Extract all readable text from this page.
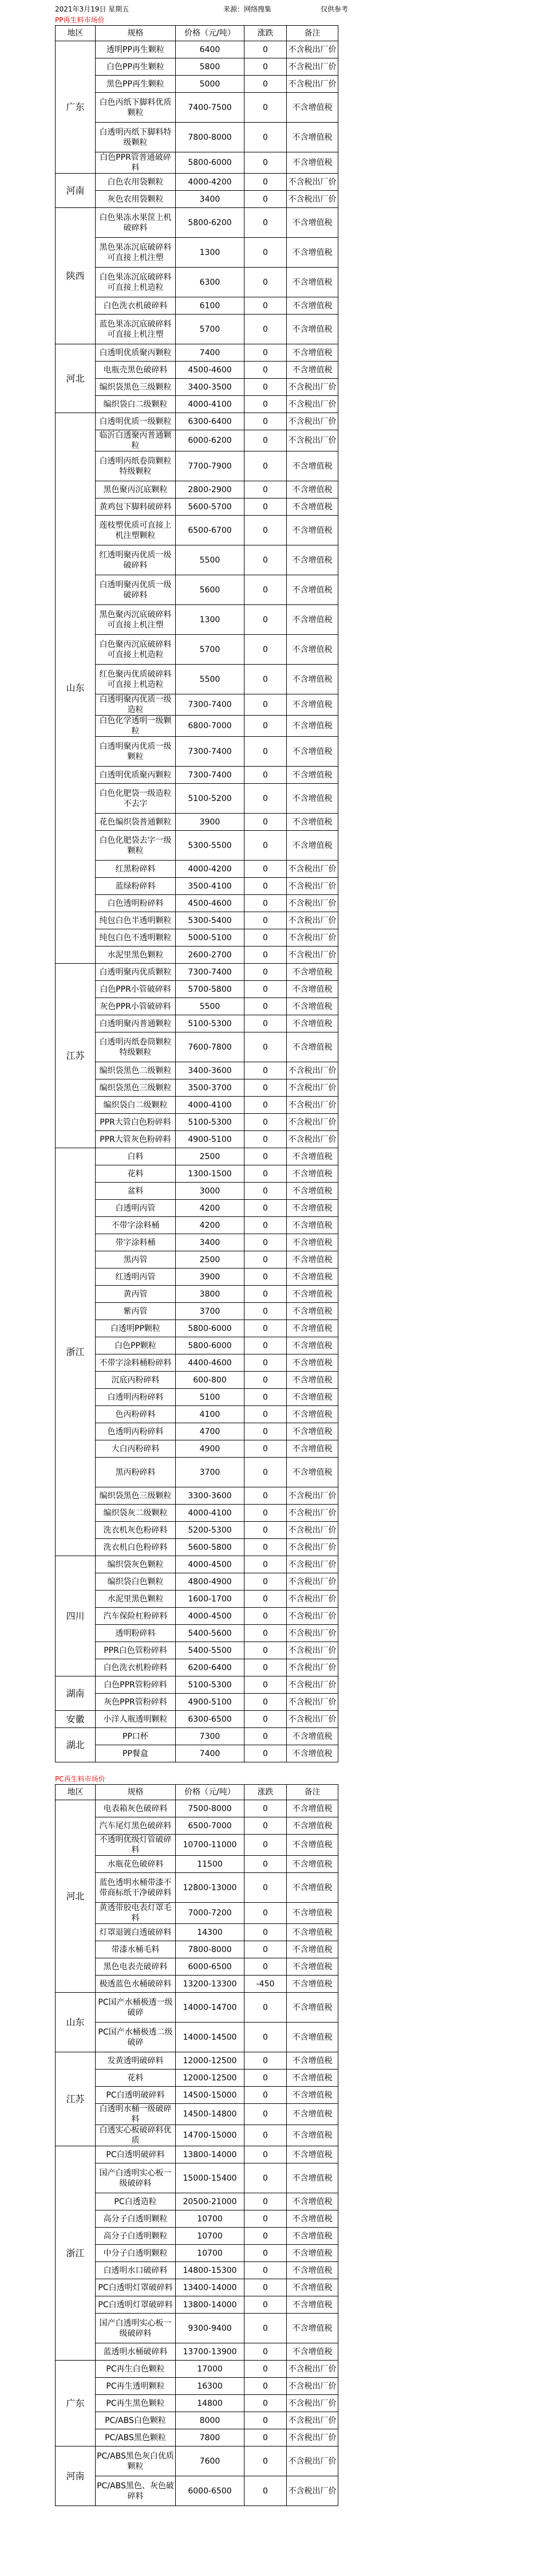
2021年3月19日 星期五	来源：网络搜集	仅供参考
PP再生料市场价
地区	规格	价格（元/吨）	涨跌	备注
广东	透明PP再生颗粒	6400	0	不含税出厂价
	白色PP再生颗粒	5800	0	不含税出厂价
	黑色PP再生颗粒	5000	0	不含税出厂价
	白色丙纸下脚料优质颗粒	7400-7500	0	不含增值税
	白透明丙纸下脚料特级颗粒	7800-8000	0	不含增值税
	白色PPR管普通破碎料	5800-6000	0	不含增值税
河南	白色农用袋颗粒	4000-4200	0	不含税出厂价
	灰色农用袋颗粒	3400	0	不含税出厂价
陕西	白色果冻水果筐上机破碎料	5800-6200	0	不含增值税
	黑色果冻沉底破碎料可直接上机注塑	1300	0	不含增值税
	白色果冻沉底破碎料可直接上机造粒	6300	0	不含增值税
	白色洗衣机破碎料	6100	0	不含增值税
	蓝色果冻沉底破碎料可直接上机注塑	5700	0	不含增值税
河北	白透明优质聚丙颗粒	7400	0	不含增值税
	电瓶壳黑色破碎料	4500-4600	0	不含增值税
	编织袋黑色三级颗粒	3400-3500	0	不含税出厂价
	编织袋白二级颗粒	4000-4100	0	不含税出厂价
山东	白透明优质一级颗粒	6300-6400	0	不含税出厂价
	临沂白透聚丙普通颗粒	6000-6200	0	不含税出厂价
	白透明丙纸卷筒颗粒特级颗粒	7700-7900	0	不含增值税
	黑色聚丙沉底颗粒	2800-2900	0	不含增值税
	黄鸡包下脚料破碎料	5600-5700	0	不含增值税
	莲枝塑优质可直接上机注塑颗粒	6500-6700	0	不含增值税
	红透明聚丙优质一级破碎料	5500	0	不含增值税
	白透明聚丙优质一级破碎料	5600	0	不含增值税
	黑色聚丙沉底破碎料可直接上机注塑	1300	0	不含增值税
	白色聚丙沉底破碎料可直接上机造粒	5700	0	不含增值税
	红色聚丙优质破碎料可直接上机造粒	5500	0	不含增值税
	白透明聚丙优质一级造粒	7300-7400	0	不含增值税
	白色化学透明一级颗粒	6800-7000	0	不含增值税
	白透明聚丙优质一级颗粒	7300-7400	0	不含增值税
	白透明优质聚丙颗粒	7300-7400	0	不含增值税
	白色化肥袋一级造粒不去字	5100-5200	0	不含增值税
	花色编织袋普通颗粒	3900	0	不含增值税
	白色化肥袋去字一级颗粒	5300-5500	0	不含增值税
	红黑粉碎料	4000-4200	0	不含税出厂价
	蓝绿粉碎料	3500-4100	0	不含税出厂价
	白色透明粉碎料	4500-4600	0	不含税出厂价
	纯包白色半透明颗粒	5300-5400	0	不含税出厂价
	纯包白色不透明颗粒	5000-5100	0	不含税出厂价
	水泥里黑色颗粒	2600-2700	0	不含税出厂价
江苏	白透明聚丙优质颗粒	7300-7400	0	不含增值税
	白色PPR小管破碎料	5700-5800	0	不含增值税
	灰色PPR小管破碎料	5500	0	不含增值税
	白透明聚丙普通颗粒	5100-5300	0	不含增值税
	白透明丙纸卷筒颗粒特级颗粒	7600-7800	0	不含增值税
	编织袋黑色二级颗粒	3400-3600	0	不含税出厂价
	编织袋黑色三级颗粒	3500-3700	0	不含税出厂价
	编织袋白二级颗粒	4000-4100	0	不含税出厂价
	PPR大管白色粉碎料	5100-5300	0	不含税出厂价
	PPR大管灰色粉碎料	4900-5100	0	不含税出厂价
浙江	白料	2500	0	不含增值税
	花料	1300-1500	0	不含增值税
	盆料	3000	0	不含增值税
	白透明丙管	4200	0	不含增值税
	不带字涂料桶	4200	0	不含增值税
	带字涂料桶	3400	0	不含增值税
	黑丙管	2500	0	不含增值税
	红透明丙管	3900	0	不含增值税
	黄丙管	3800	0	不含增值税
	紫丙管	3700	0	不含增值税
	白透明PP颗粒	5800-6000	0	不含增值税
	白色PP颗粒	5800-6000	0	不含增值税
	不带字涂料桶粉碎料	4400-4600	0	不含增值税
	沉底丙粉碎料	600-800	0	不含增值税
	白透明丙粉碎料	5100	0	不含增值税
	色丙粉碎料	4100	0	不含增值税
	色透明丙粉碎料	4700	0	不含增值税
	大白丙粉碎料	4900	0	不含增值税
	黑丙粉碎料	3700	0	不含增值税
	编织袋黑色三级颗粒	3300-3600	0	不含税出厂价
	编织袋灰二级颗粒	4000-4100	0	不含税出厂价
	洗衣机灰色粉碎料	5200-5300	0	不含税出厂价
	洗衣机白色粉碎料	5600-5800	0	不含税出厂价
四川	编织袋灰色颗粒	4000-4500	0	不含税出厂价
	编织袋白色颗粒	4800-4900	0	不含税出厂价
	水泥里黑色颗粒	1600-1700	0	不含税出厂价
	汽车保险杠粉碎料	4000-4500	0	不含税出厂价
	透明粉碎料	5400-5600	0	不含税出厂价
	PPR白色管粉碎料	5400-5500	0	不含税出厂价
	白色洗衣机粉碎料	6200-6400	0	不含税出厂价
湖南	白色PPR管粉碎料	5100-5300	0	不含税出厂价
	灰色PPR管粉碎料	4900-5100	0	不含税出厂价
安徽	小洋人瓶透明颗粒	6300-6500	0	不含税出厂价
湖北	PP口杯	7300	0	不含增值税
	PP餐盒	7400	0	不含增值税
PC再生料市场价
地区	规格	价格（元/吨）	涨跌	备注
河北	电表箱灰色破碎料	7500-8000	0	不含增值税
	汽车尾灯黑色破碎料	6500-7000	0	不含增值税
	不透明优级灯管破碎料	10700-11000	0	不含增值税
	水瓶花色破碎料	11500	0	不含增值税
	蓝色透明水桶带漆不带商标纸干净破碎料	12800-13000	0	不含增值税
	黄透带胶电表灯罩毛料	7000-7200	0	不含增值税
	灯罩退镀白透破碎料	14300	0	不含增值税
	带漆水桶毛料	7800-8000	0	不含增值税
	黑色电表壳破碎料	6000-6500	0	不含增值税
	极透蓝色水桶破碎料	13200-13300	-450	不含增值税
山东	PC国产水桶极透一级破碎	14000-14700	0	不含增值税
	PC国产水桶极透二级破碎	14000-14500	0	不含增值税
江苏	发黄透明破碎料	12000-12500	0	不含增值税
	花料	12000-12500	0	不含增值税
	PC白透明破碎料	14500-15000	0	不含增值税
	白透明水桶一级破碎料	14500-14800	0	不含增值税
	白透实心板破碎料优质	14700-15000	0	不含增值税
浙江	PC白透明破碎料	13800-14000	0	不含增值税
	国产白透明实心板一级破碎料	15000-15400	0	不含增值税
	PC白透造粒	20500-21000	0	不含增值税
	高分子白透明颗粒	10700	0	不含增值税
	高分子白透明颗粒	10700	0	不含增值税
	中分子白透明颗粒	10700	0	不含增值税
	白透明水口破碎料	14800-15300	0	不含增值税
	PC白透明灯罩破碎料	13400-14000	0	不含增值税
	PC白透明灯罩破碎料	13800-14000	0	不含增值税
	国产白透明实心板一级破碎料	9300-9400	0	不含增值税
	蓝透明水桶破碎料	13700-13900	0	不含增值税
广东	PC再生白色颗粒	17000	0	不含税出厂价
	PC再生透明颗粒	16300	0	不含税出厂价
	PC再生黑色颗粒	14800	0	不含税出厂价
	PC/ABS白色颗粒	8000	0	不含税出厂价
	PC/ABS黑色颗粒	7800	0	不含税出厂价
河南	PC/ABS黑色灰白优质颗粒	7600	0	不含税出厂价
	PC/ABS黑色、灰色破碎料	6000-6500	0	不含税出厂价
